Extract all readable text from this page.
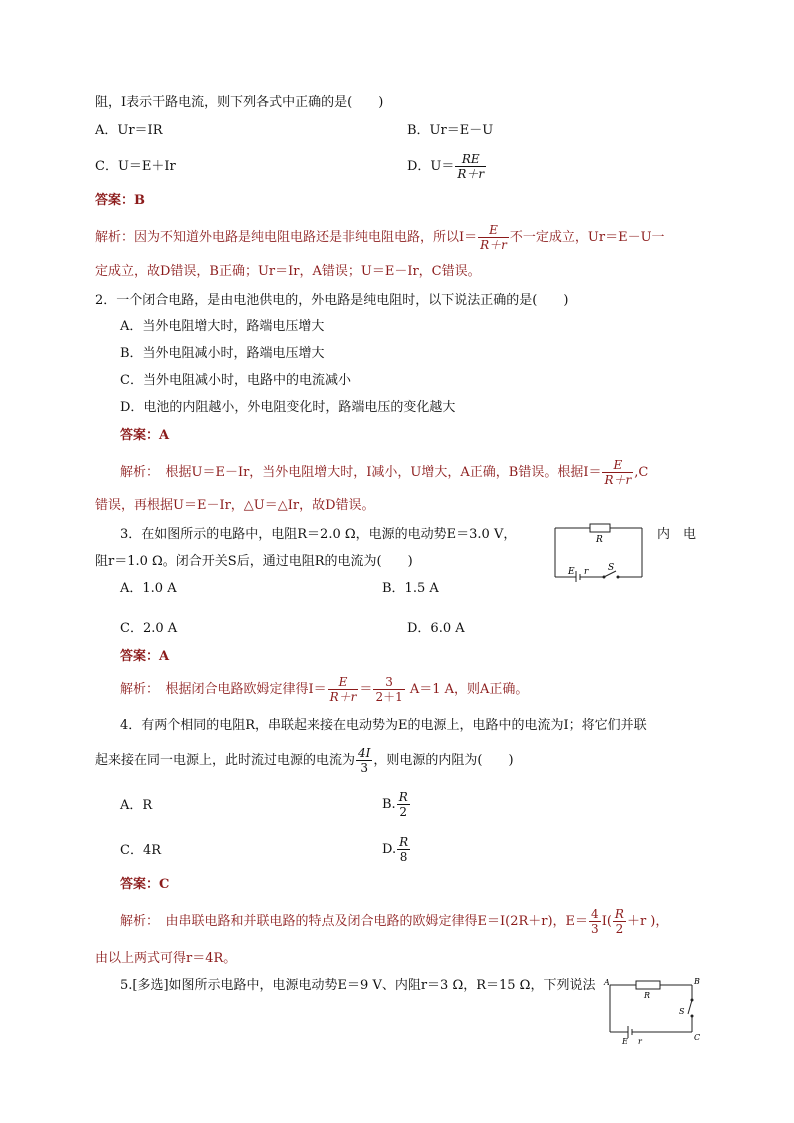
阻，I表示干路电流，则下列各式中正确的是(　　)
A．Ur＝IR	B．Ur＝E－U
C．U＝E＋Ir	D．$U= \frac{RE}{R+r}$
答案：B
解析：因为不知道外电路是纯电阻电路还是非纯电阻电路，所以$I= \frac{E}{R+r}$ 不一定成立，Ur＝E－U一
定成立，故D错误，B正确；Ur＝Ir，A错误；U＝E－Ir，C错误。
2．一个闭合电路，是由电池供电的，外电路是纯电阻时，以下说法正确的是(　　)
A．当外电阻增大时，路端电压增大
B．当外电阻减小时，路端电压增大
C．当外电阻减小时，电路中的电流减小
D．电池的内阻越小，外电阻变化时，路端电压的变化越大
答案：A
解析：　根据U＝E－Ir，当外电阻增大时，I减小，U增大，A正确，B错误。根据$I= \frac{E}{R+r} ,C$
错误，再根据U＝E－Ir，△U＝△Ir，故D错误。
3．在如图所示的电路中，电阻R＝2.0 Ω，电源的电动势E＝3.0 V，	内　电
阻r＝1.0 Ω。闭合开关S后，通过电阻R的电流为(　　)
R
E r S
A．1.0 A	B．1.5 A
C．2.0 A	D．6.0 A
答案：A
解析：　根据闭合电路欧姆定律得$I= \frac{E}{R+r} = \frac{3}{2+1} A=1$ A，则A正确。
4．有两个相同的电阻R，串联起来接在电动势为E的电源上，电路中的电流为I；将它们并联
起来接在同一电源上，此时流过电源的电流为 $\frac{4I}{3}$ ，则电源的内阻为(　　)
A．R	B. $\frac{R}{2}$
C．4R	D. $\frac{R}{8}$
答案：C
解析：　由串联电路和并联电路的特点及闭合电路的欧姆定律得E＝I(2R＋r)，$E= \frac{4}{3} I( \frac{R}{2} +r$ )，
由以上两式可得r＝4R。
5.[多选]如图所示电路中，电源电动势E＝9 V、内阻r＝3 Ω，R＝15 Ω，下列说法 A	B
C
R
S
E r
